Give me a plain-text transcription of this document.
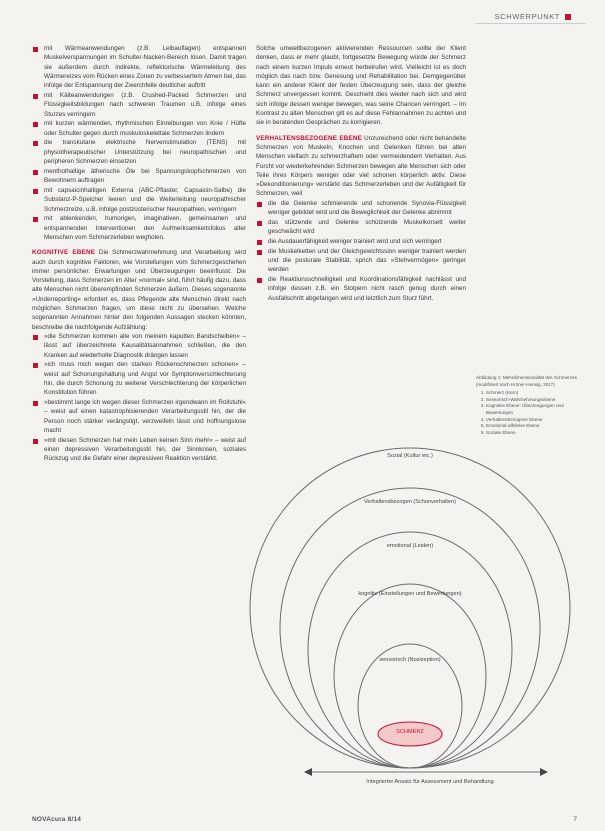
SCHWERPUNKT
mit Wärmeanwendungen (z.B. Leibauflagen) entspannen Muskelverspannungen im Schulter-Nacken-Bereich lösen. Damit tragen sie außerdem durch indirekte, reflektorische Wärmeleitung des Wärmereizes vom Rücken eines Zonen zu verbessertem Atmen bei, das infolge der Entspannung der Zwerchfelle deutlicher auftritt
mit Kälteanwendungen (z.B. Crushed-Packed Schmerzen und Flüssigkeitsbildungen nach schweren Traumen u.B. infolge eines Sturzes verringern
mit kurzen wärmenden, rhythmischen Einreibungen von Knie / Hüfte oder Schulter gegen durch muskuloskelettale Schmerzen lindern
die transkutane elektrische Nervenstimulation (TENS) mit physiotherapeutischer Unterstützung bei neuropathischen und peripheren Schmerzen einsetzen
mentholhaltige ätherische Öle bei Spannungskopfschmerzen von Bewohnern auftragen
mit capsaicinhaltigen Externa (ABC-Pflaster, Capsaicin-Salbe) die Substanz-P-Speicher leeren und die Weiterleitung neuropathischer Schmerzreize, u.B. infolge postzosterischer Neuropathien, verringern
mit ablenkenden, humorigen, imaginativen, gemeinsamen und entspannenden Interventionen den Aufmerksamkeitsfokus alter Menschen vom Schmerzerleben wegholen.

KOGNITIVE EBENE Die Schmerzwahrnehmung und Verarbeitung wird auch durch kognitive Faktoren, wie Vorstellungen vom Schmerzgeschehen immer persönlicher. Erwartungen und Überzeugungen beeinflusst. Die Vorstellung, dass Schmerzen im Alter »normal« sind, führt häufig dazu, dass alte Menschen nicht überempfinden Schmerzen äußern. Dieses sogenannte »Underreporting« erfordert es, dass Pflegende alte Menschen direkt nach möglichen Schmerzen fragen, um diese nicht zu übersehen. Welche sogenannten Annahmen hinter den folgenden Aussagen stecken könnten, beschreibe die nachfolgende Aufzählung:

»die Schmerzen kommen alle von meinem kaputten Bandscheiben« – lässt auf überzeichnete Kausalitätsannahmen schließen, die den Kranken auf wiederholte Diagnostik drängen lassen
»ich muss mich wegen den starken Rückenschmerzen schonen« – weist auf Schonungshaltung und Angst vor Symptomverschlechterung hin, die durch Schonung zu weiterer Verschlechterung der körperlichen Konstitution führen
»bestimmt lange ich wegen dieser Schmerzen irgendwann im Rollstuhl« – weist auf einen katastrophisierenden Verarbeitungsstil hin, der die Person noch stärker verängstigt, verzweifeln lässt und hoffnungslose macht
»mit diesen Schmerzen hat mein Leben keinen Sinn mehr« – weist auf einen depressiven Verarbeitungsstil hin, der Sinnkrisen, soziales Rückzug und die Gefahr einer depressiven Reaktion verstärkt.

Solche umweltbezogenen aktivierenden Ressourcen sollte der Klient denken, dass er mehr glaubt, fortgesetzte Bewegung würde der Schmerz nach einem kurzen Impuls erneut herbeirufen wird. Vielleicht ist es doch möglich das nach bzw. Genesung und Rehabilitation bei. Demgegenüber kann ein anderer Klient der festen Überzeugung sein, dass der gleiche Schmerz unvergessen kommt. Geschieht dies wieder nach sich und wird sich infolge dessen weniger bewegen, was seine Chancen verringert. – Im Kontrast zu alten Menschen gilt es auf diese Fehlannahmen zu achten und sie in beratenden Gesprächen zu korrigieren.

VERHALTENSBEZOGENE EBENE Unzureichend oder nicht behandelte Schmerzen von Muskeln, Knochen und Gelenken führen bei alten Menschen vielfach zu schmerzhaftem oder vermeidendem Verhalten. Aus Furcht vor wiederkehrenden Schmerzen bewegen alte Menschen sich oder Teile ihres Körpers weniger oder viel schonen körperlich aktiv. Diese »Dekonditionierung« verstärkt das Schmerzerleben und der Aufälligkeit für Schmerzen, weil

die die Gelenke schmierende und schonende Synovia-Flüssigkeit weniger gebildet wird und die Beweglichkeit der Gelenke abnimmt
das stützende und Gelenke schützende Muskelkorsett weiter geschwächt wird
die Ausdauerfähigkeit weniger trainiert wird und sich verringert
die Muskelketten und der Gleichgewichtssinn weniger trainiert werden und die posturale Stabilität, sprich das »Stehvermögen« geringer werden
die Reaktionsschnelligkeit und Koordinationsfähigkeit nachlässt und infolge dessen z.B. ein Stolpern nicht rasch genug durch einen Ausfallschritt abgefangen wird und letztlich zum Sturz führt.

Abbildung 1: Mehrdimensionalität des Schmerzes (modifiziert nach Kröner-Herwig, 2017)

1. Schmerz (Kern)
2. Sensorisch-Wahrnehmungsebene
3. Kognitive Ebene: Überzeugungen und Bewertungen
4. Verhaltensbezogene Ebene
5. Emotional-affektive Ebene
6. Soziale Ebene
Sozial (Kultur etc.)
Verhaltensbezogen (Schonverhalten)
emotional (Leiden)
kognitiv (Einstellungen und Bewertungen)
sensorisch (Nozizeption)
SCHMERZ
Integrierter Ansatz für Assessment und Behandlung
NOVAcura 8/14	7
